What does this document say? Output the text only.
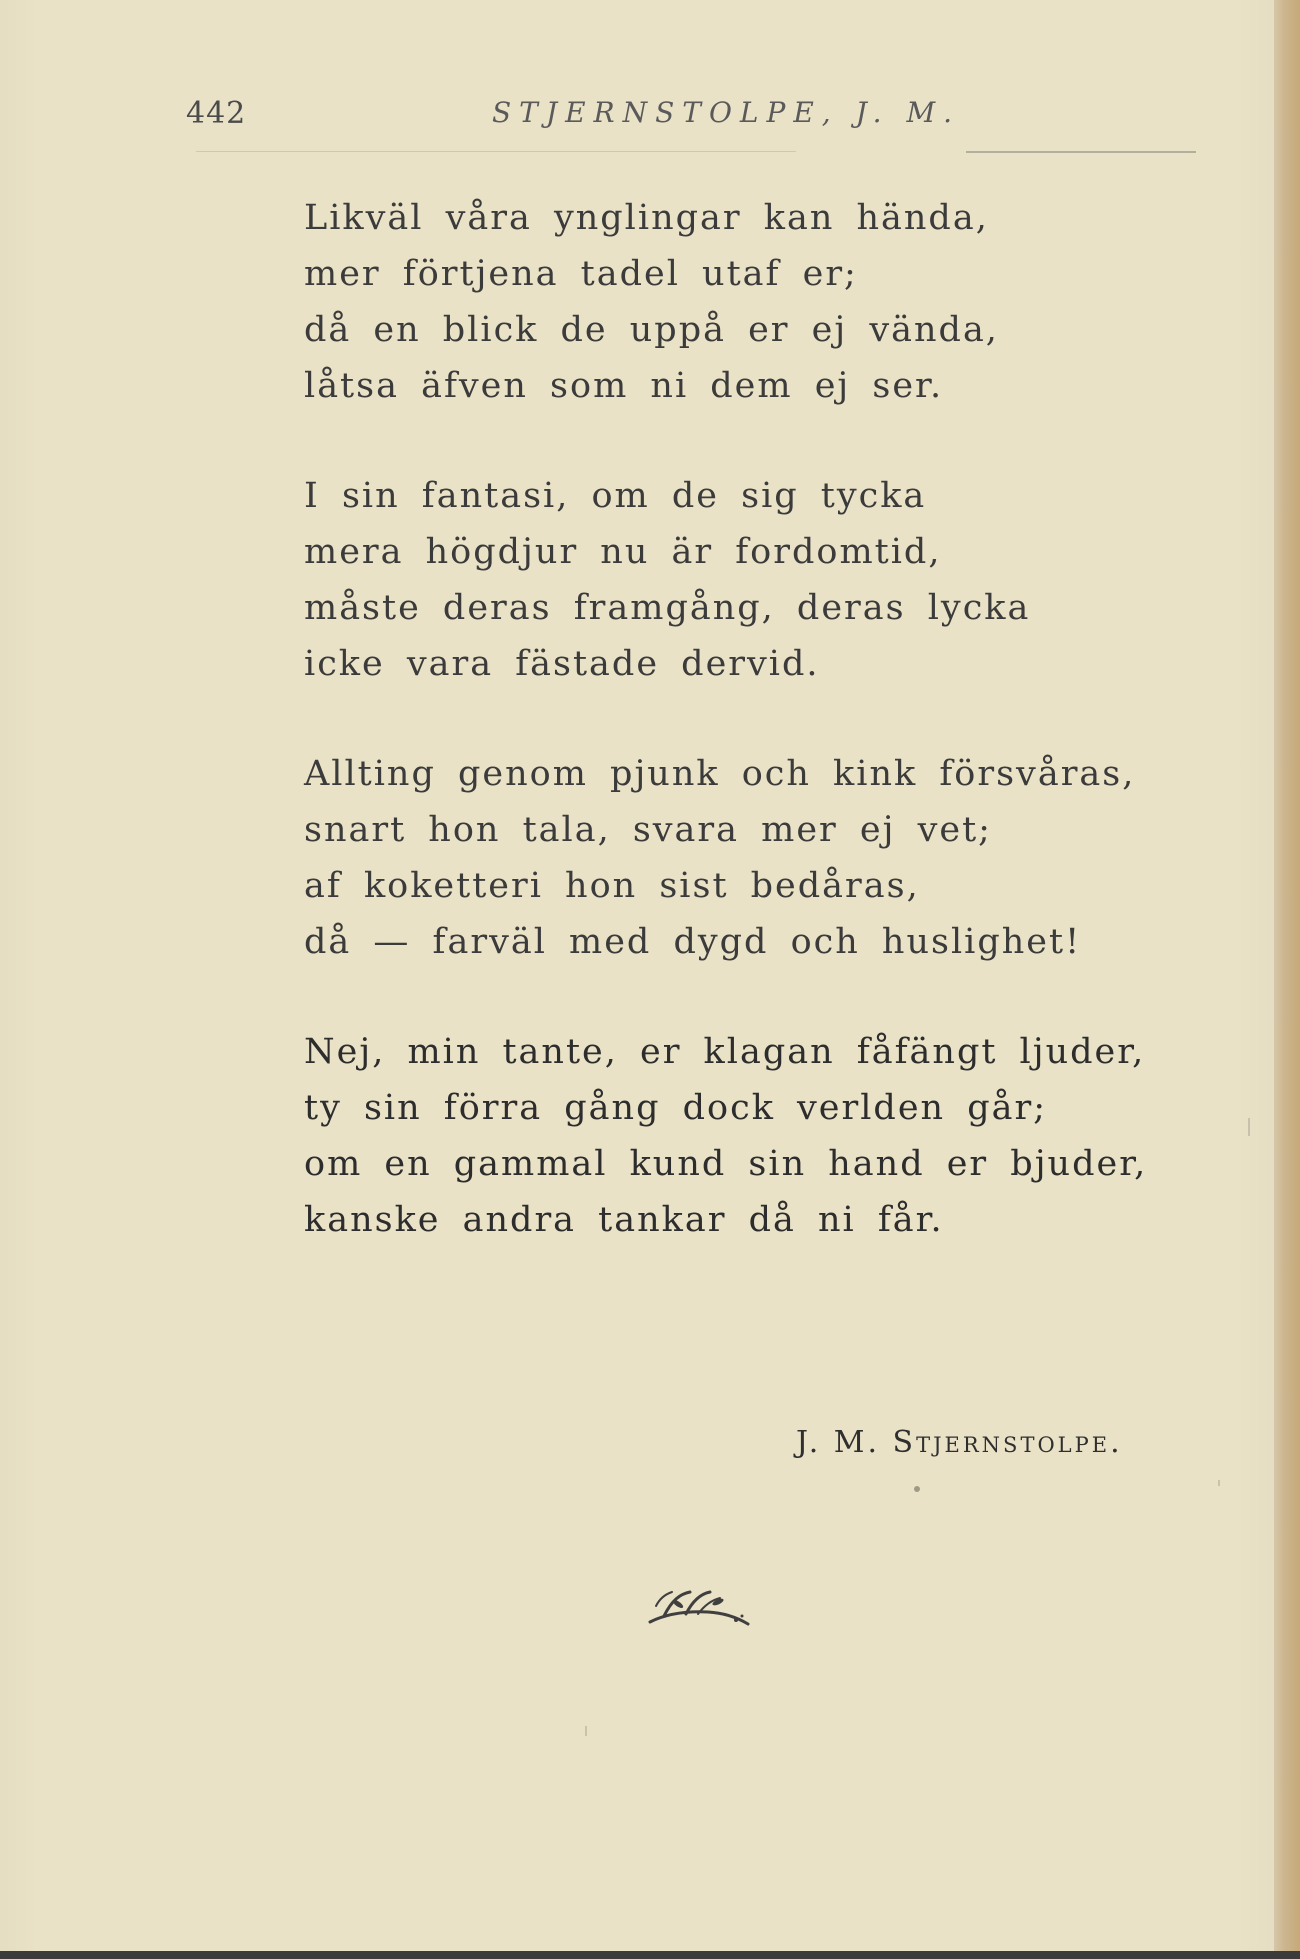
442	STJERNSTOLPE, J. M.
Likväl våra ynglingar kan hända,
mer förtjena tadel utaf er;
då en blick de uppå er ej vända,
låtsa äfven som ni dem ej ser.
I sin fantasi, om de sig tycka
mera högdjur nu är fordomtid,
måste deras framgång, deras lycka
icke vara fästade dervid.
Allting genom pjunk och kink försvåras,
snart hon tala, svara mer ej vet;
af koketteri hon sist bedåras,
då — farväl med dygd och huslighet!
Nej, min tante, er klagan fåfängt ljuder,
ty sin förra gång dock verlden går;
om en gammal kund sin hand er bjuder,
kanske andra tankar då ni får.
J. M. Stjernstolpe.
